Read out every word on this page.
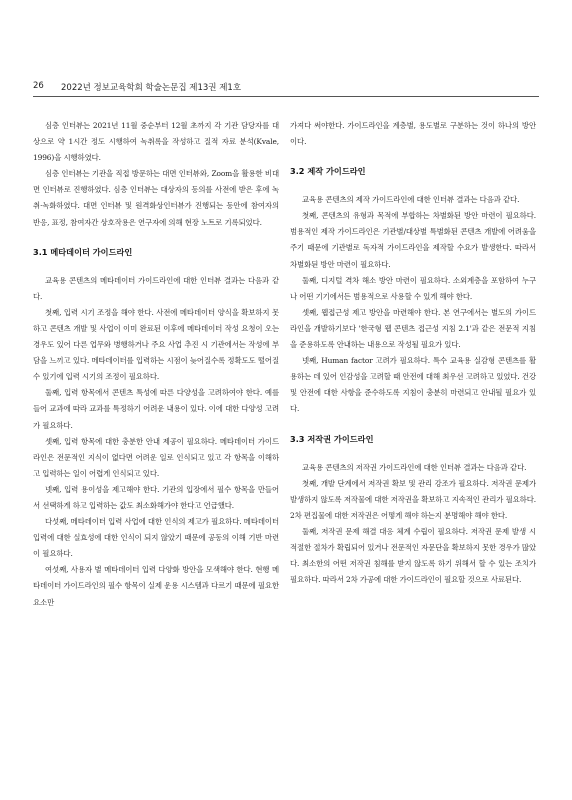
26 2022년 정보교육학회 학술논문집 제13권 제1호

심층 인터뷰는 2021년 11월 중순부터 12월 초까지 각 기관 담당자를 대상으로 약 1시간 정도 시행하여 녹취록을 작성하고 질적 자료 분석(Kvale, 1996)을 시행하였다.

심층 인터뷰는 기관을 직접 방문하는 대면 인터뷰와, Zoom을 활용한 비대면 인터뷰로 진행하였다. 심층 인터뷰는 대상자의 동의를 사전에 받은 후에 녹취·녹화하였다. 대면 인터뷰 및 원격화상인터뷰가 진행되는 동안에 참여자의 반응, 표정, 참여자간 상호작용은 연구자에 의해 현장 노트로 기록되었다.

3.1 메타데이터 가이드라인

교육용 콘텐츠의 메타데이터 가이드라인에 대한 인터뷰 결과는 다음과 같다.

첫째, 입력 시기 조정을 해야 한다. 사전에 메타데이터 양식을 확보하지 못하고 콘텐츠 개발 및 사업이 이미 완료된 이후에 메타데이터 작성 요청이 오는 경우도 있어 다른 업무와 병행하거나 주요 사업 추진 시 기관에서는 작성에 부담을 느끼고 있다. 메타데이터를 입력하는 시점이 늦어질수록 정확도도 떨어질 수 있기에 입력 시기의 조정이 필요하다.

둘째, 입력 항목에서 콘텐츠 특성에 따른 다양성을 고려하여야 한다. 예를 들어 교과에 따라 교과를 특정하기 어려운 내용이 있다. 이에 대한 다양성 고려가 필요하다.

셋째, 입력 항목에 대한 충분한 안내 제공이 필요하다. 메타데이터 가이드라인은 전문적인 지식이 없다면 어려운 일로 인식되고 있고 각 항목을 이해하고 입력하는 일이 어렵게 인식되고 있다.

넷째, 입력 용이성을 제고해야 한다. 기관의 입장에서 필수 항목을 만들어서 선택하게 하고 입력하는 값도 최소화해가야 한다고 언급했다.

다섯째, 메타데이터 입력 사업에 대한 인식의 제고가 필요하다. 메타데이터 입력에 대한 실효성에 대한 인식이 되지 않았기 때문에 공동의 이해 기반 마련이 필요하다.

여섯째, 사용자 별 메타데이터 입력 다양화 방안을 모색해야 한다. 현행 메타데이터 가이드라인의 필수 항목이 실제 운용 시스템과 다르기 때문에 필요한 요소만

가져다 써야한다. 가이드라인을 계층별, 용도별로 구분하는 것이 하나의 방안이다.

3.2 제작 가이드라인

교육용 콘텐츠의 제작 가이드라인에 대한 인터뷰 결과는 다음과 같다.

첫째, 콘텐츠의 유형과 목적에 부합하는 차별화된 방안 마련이 필요하다. 범용적인 제작 가이드라인은 기관별/대상별 특별화된 콘텐츠 개발에 어려움을 주기 때문에 기관별로 독자적 가이드라인을 제작할 수요가 발생한다. 따라서 차별화된 방안 마련이 필요하다.

둘째, 디지털 격차 해소 방안 마련이 필요하다. 소외계층을 포함하여 누구나 어떤 기기에서든 범용적으로 사용할 수 있게 해야 한다.

셋째, 웹접근성 제고 방안을 마련해야 한다. 본 연구에서는 별도의 가이드라인을 개발하기보다 '한국형 웹 콘텐츠 접근성 지침 2.1'과 같은 전문적 지침을 준용하도록 안내하는 내용으로 작성될 필요가 있다.

넷째, Human factor 고려가 필요하다. 특수 교육용 실감형 콘텐츠를 활용하는 데 있어 인감성을 고려할 때 안전에 대해 최우선 고려하고 있었다. 건강 및 안전에 대한 사항을 준수하도록 지침이 충분히 마련되고 안내될 필요가 있다.

3.3 저작권 가이드라인

교육용 콘텐츠의 저작권 가이드라인에 대한 인터뷰 결과는 다음과 같다.

첫째, 개발 단계에서 저작권 확보 및 관리 강조가 필요하다. 저작권 문제가 발생하지 않도록 저작물에 대한 저작권을 확보하고 지속적인 관리가 필요하다. 2차 편집물에 대한 저작권은 어떻게 해야 하는지 분명해야 해야 한다.

둘째, 저작권 문제 해결 대응 체계 수립이 필요하다. 저작권 문제 발생 시 적절한 절차가 확립되어 있거나 전문적인 자문단을 확보하지 못한 경우가 많았다. 최소한의 어떤 저작권 침해를 받지 않도록 하기 위해서 할 수 있는 조치가 필요하다. 따라서 2차 가공에 대한 가이드라인이 필요할 것으로 사료된다.
